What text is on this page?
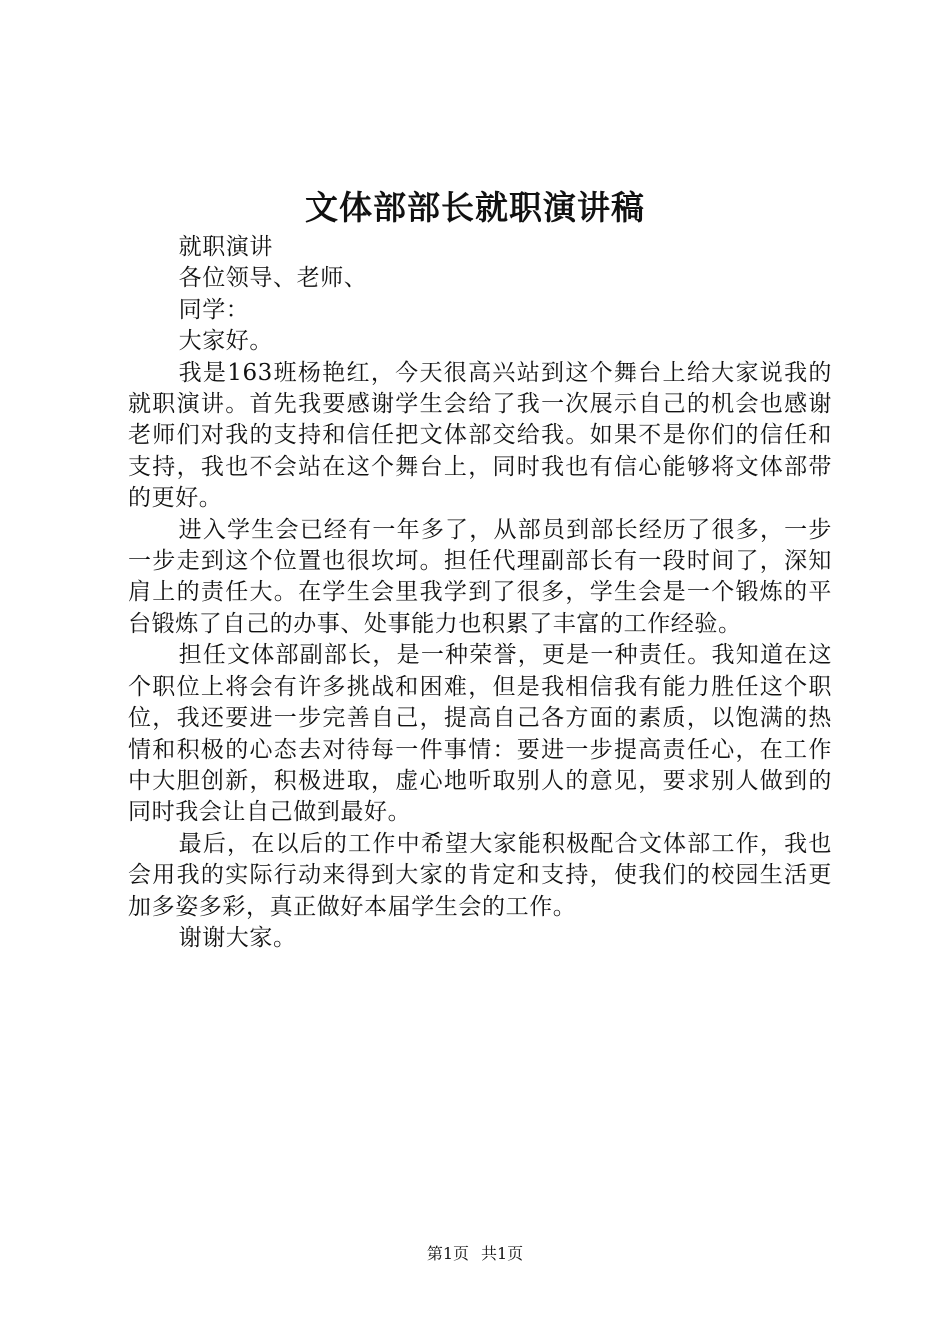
文体部部长就职演讲稿

就职演讲

各位领导、老师、

同学：

大家好。

我是163班杨艳红，今天很高兴站到这个舞台上给大家说我的就职演讲。首先我要感谢学生会给了我一次展示自己的机会也感谢老师们对我的支持和信任把文体部交给我。如果不是你们的信任和支持，我也不会站在这个舞台上，同时我也有信心能够将文体部带的更好。

进入学生会已经有一年多了，从部员到部长经历了很多，一步一步走到这个位置也很坎坷。担任代理副部长有一段时间了，深知肩上的责任大。在学生会里我学到了很多，学生会是一个锻炼的平台锻炼了自己的办事、处事能力也积累了丰富的工作经验。

担任文体部副部长，是一种荣誉，更是一种责任。我知道在这个职位上将会有许多挑战和困难，但是我相信我有能力胜任这个职位，我还要进一步完善自己，提高自己各方面的素质，以饱满的热情和积极的心态去对待每一件事情：要进一步提高责任心，在工作中大胆创新，积极进取，虚心地听取别人的意见，要求别人做到的同时我会让自己做到最好。

最后，在以后的工作中希望大家能积极配合文体部工作，我也会用我的实际行动来得到大家的肯定和支持，使我们的校园生活更加多姿多彩，真正做好本届学生会的工作。

谢谢大家。

第1页 共1页
